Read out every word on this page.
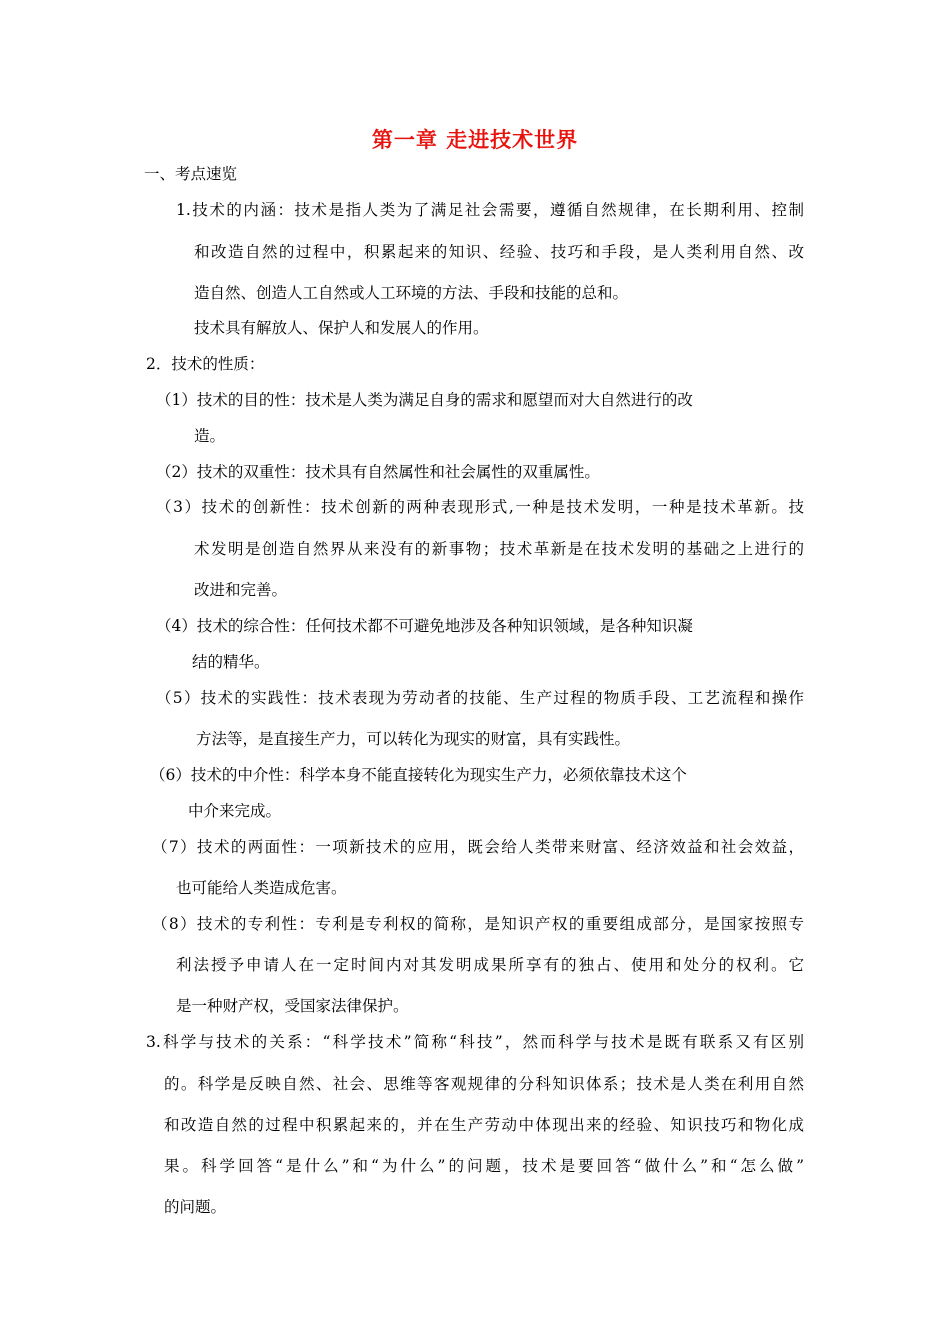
第一章 走进技术世界
一、考点速览
1.技术的内涵：技术是指人类为了满足社会需要，遵循自然规律，在长期利用、控制
和改造自然的过程中，积累起来的知识、经验、技巧和手段，是人类利用自然、改
造自然、创造人工自然或人工环境的方法、手段和技能的总和。
技术具有解放人、保护人和发展人的作用。
2．技术的性质：
（1）技术的目的性：技术是人类为满足自身的需求和愿望而对大自然进行的改
造。
（2）技术的双重性：技术具有自然属性和社会属性的双重属性。
（3）技术的创新性：技术创新的两种表现形式,一种是技术发明，一种是技术革新。技
术发明是创造自然界从来没有的新事物；技术革新是在技术发明的基础之上进行的
改进和完善。
（4）技术的综合性：任何技术都不可避免地涉及各种知识领域，是各种知识凝
结的精华。
（5）技术的实践性：技术表现为劳动者的技能、生产过程的物质手段、工艺流程和操作
方法等，是直接生产力，可以转化为现实的财富，具有实践性。
（6）技术的中介性：科学本身不能直接转化为现实生产力，必须依靠技术这个
中介来完成。
（7）技术的两面性：一项新技术的应用，既会给人类带来财富、经济效益和社会效益，
也可能给人类造成危害。
（8）技术的专利性：专利是专利权的简称，是知识产权的重要组成部分，是国家按照专
利法授予申请人在一定时间内对其发明成果所享有的独占、使用和处分的权利。它
是一种财产权，受国家法律保护。
3.科学与技术的关系：“科学技术”简称“科技”，然而科学与技术是既有联系又有区别
的。科学是反映自然、社会、思维等客观规律的分科知识体系；技术是人类在利用自然
和改造自然的过程中积累起来的，并在生产劳动中体现出来的经验、知识技巧和物化成
果。科学回答“是什么”和“为什么”的问题，技术是要回答“做什么”和“怎么做”
的问题。
